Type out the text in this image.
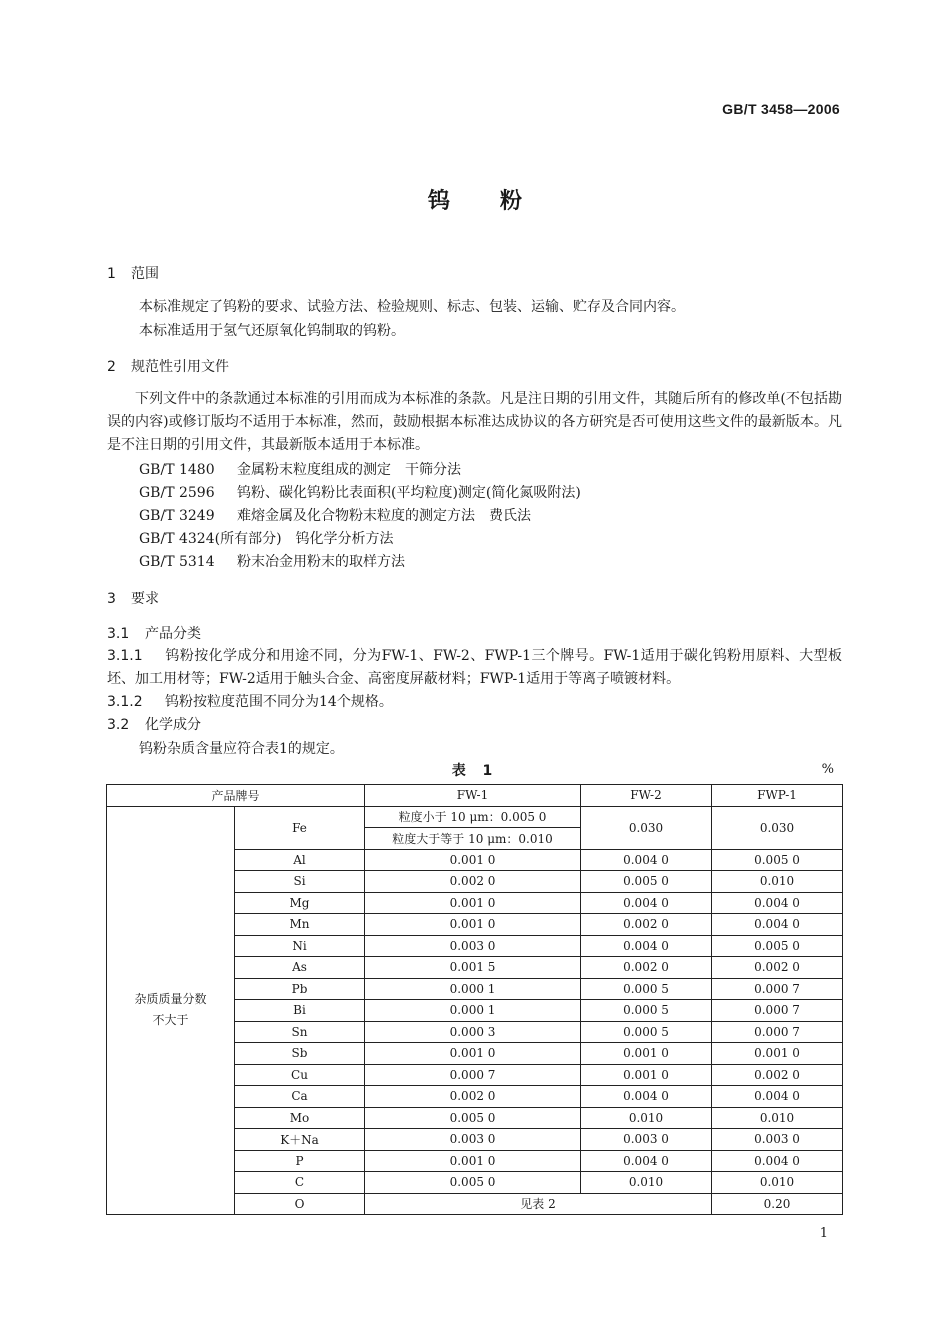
GB/T 3458—2006
钨粉
1 范围
本标准规定了钨粉的要求、试验方法、检验规则、标志、包装、运输、贮存及合同内容。
本标准适用于氢气还原氧化钨制取的钨粉。
2 规范性引用文件
下列文件中的条款通过本标准的引用而成为本标准的条款。凡是注日期的引用文件，其随后所有的修改单(不包括勘误的内容)或修订版均不适用于本标准，然而，鼓励根据本标准达成协议的各方研究是否可使用这些文件的最新版本。凡是不注日期的引用文件，其最新版本适用于本标准。
GB/T 1480 金属粉末粒度组成的测定　干筛分法
GB/T 2596 钨粉、碳化钨粉比表面积(平均粒度)测定(简化氮吸附法)
GB/T 3249 难熔金属及化合物粉末粒度的测定方法　费氏法
GB/T 4324(所有部分)　 钨化学分析方法
GB/T 5314 粉末冶金用粉末的取样方法
3 要求
3.1 产品分类
3.1.1 钨粉按化学成分和用途不同，分为FW-1、FW-2、FWP-1三个牌号。FW-1适用于碳化钨粉用原料、大型板坯、加工用材等；FW-2适用于触头合金、高密度屏蔽材料；FWP-1适用于等离子喷镀材料。
3.1.2 钨粉按粒度范围不同分为14个规格。
3.2 化学成分
钨粉杂质含量应符合表1的规定。
表 1	%
产品牌号		FW-1	FW-2	FWP-1
杂质质量分数
不大于	Fe	粒度小于 10 μm：0.005 0	0.030	0.030
		粒度大于等于 10 μm：0.010		
	Al	0.001 0	0.004 0	0.005 0
	Si	0.002 0	0.005 0	0.010
	Mg	0.001 0	0.004 0	0.004 0
	Mn	0.001 0	0.002 0	0.004 0
	Ni	0.003 0	0.004 0	0.005 0
	As	0.001 5	0.002 0	0.002 0
	Pb	0.000 1	0.000 5	0.000 7
	Bi	0.000 1	0.000 5	0.000 7
	Sn	0.000 3	0.000 5	0.000 7
	Sb	0.001 0	0.001 0	0.001 0
	Cu	0.000 7	0.001 0	0.002 0
	Ca	0.002 0	0.004 0	0.004 0
	Mo	0.005 0	0.010	0.010
	K＋Na	0.003 0	0.003 0	0.003 0
	P	0.001 0	0.004 0	0.004 0
	C	0.005 0	0.010	0.010
	O	见表 2		0.20
1
